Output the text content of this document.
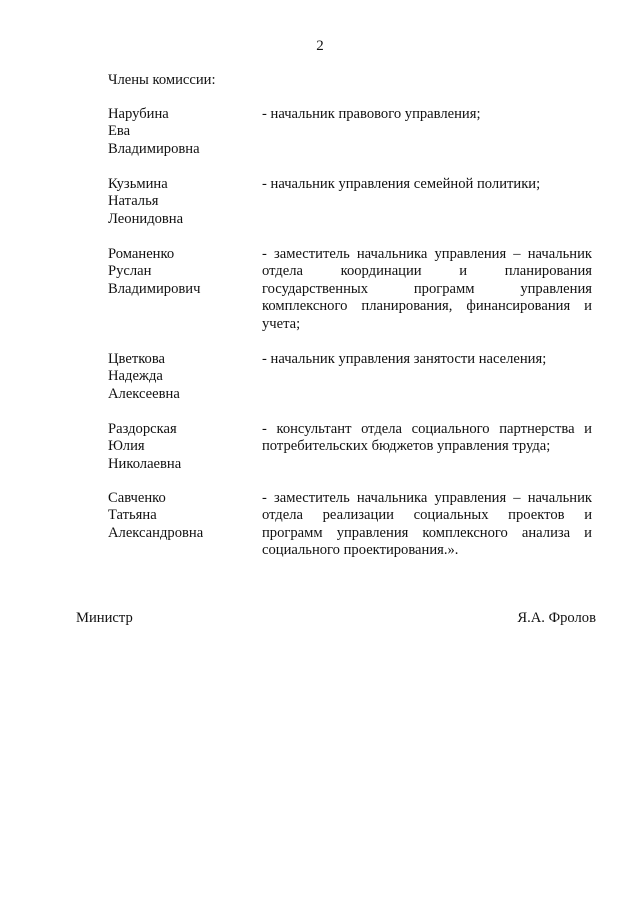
2
Члены комиссии:
Нарубина
Ева
Владимировна
- начальник правового управления;
Кузьмина
Наталья
Леонидовна
- начальник управления семейной политики;
Романенко
Руслан
Владимирович
- заместитель начальника управления – начальник
отдела координации и планирования
государственных программ управления
комплексного планирования, финансирования и
учета;
Цветкова
Надежда
Алексеевна
- начальник управления занятости населения;
Раздорская
Юлия
Николаевна
- консультант отдела социального партнерства и
потребительских бюджетов управления труда;
Савченко
Татьяна
Александровна
- заместитель начальника управления – начальник
отдела реализации социальных проектов и
программ управления комплексного анализа и
социального проектирования.».
Министр	Я.А. Фролов
